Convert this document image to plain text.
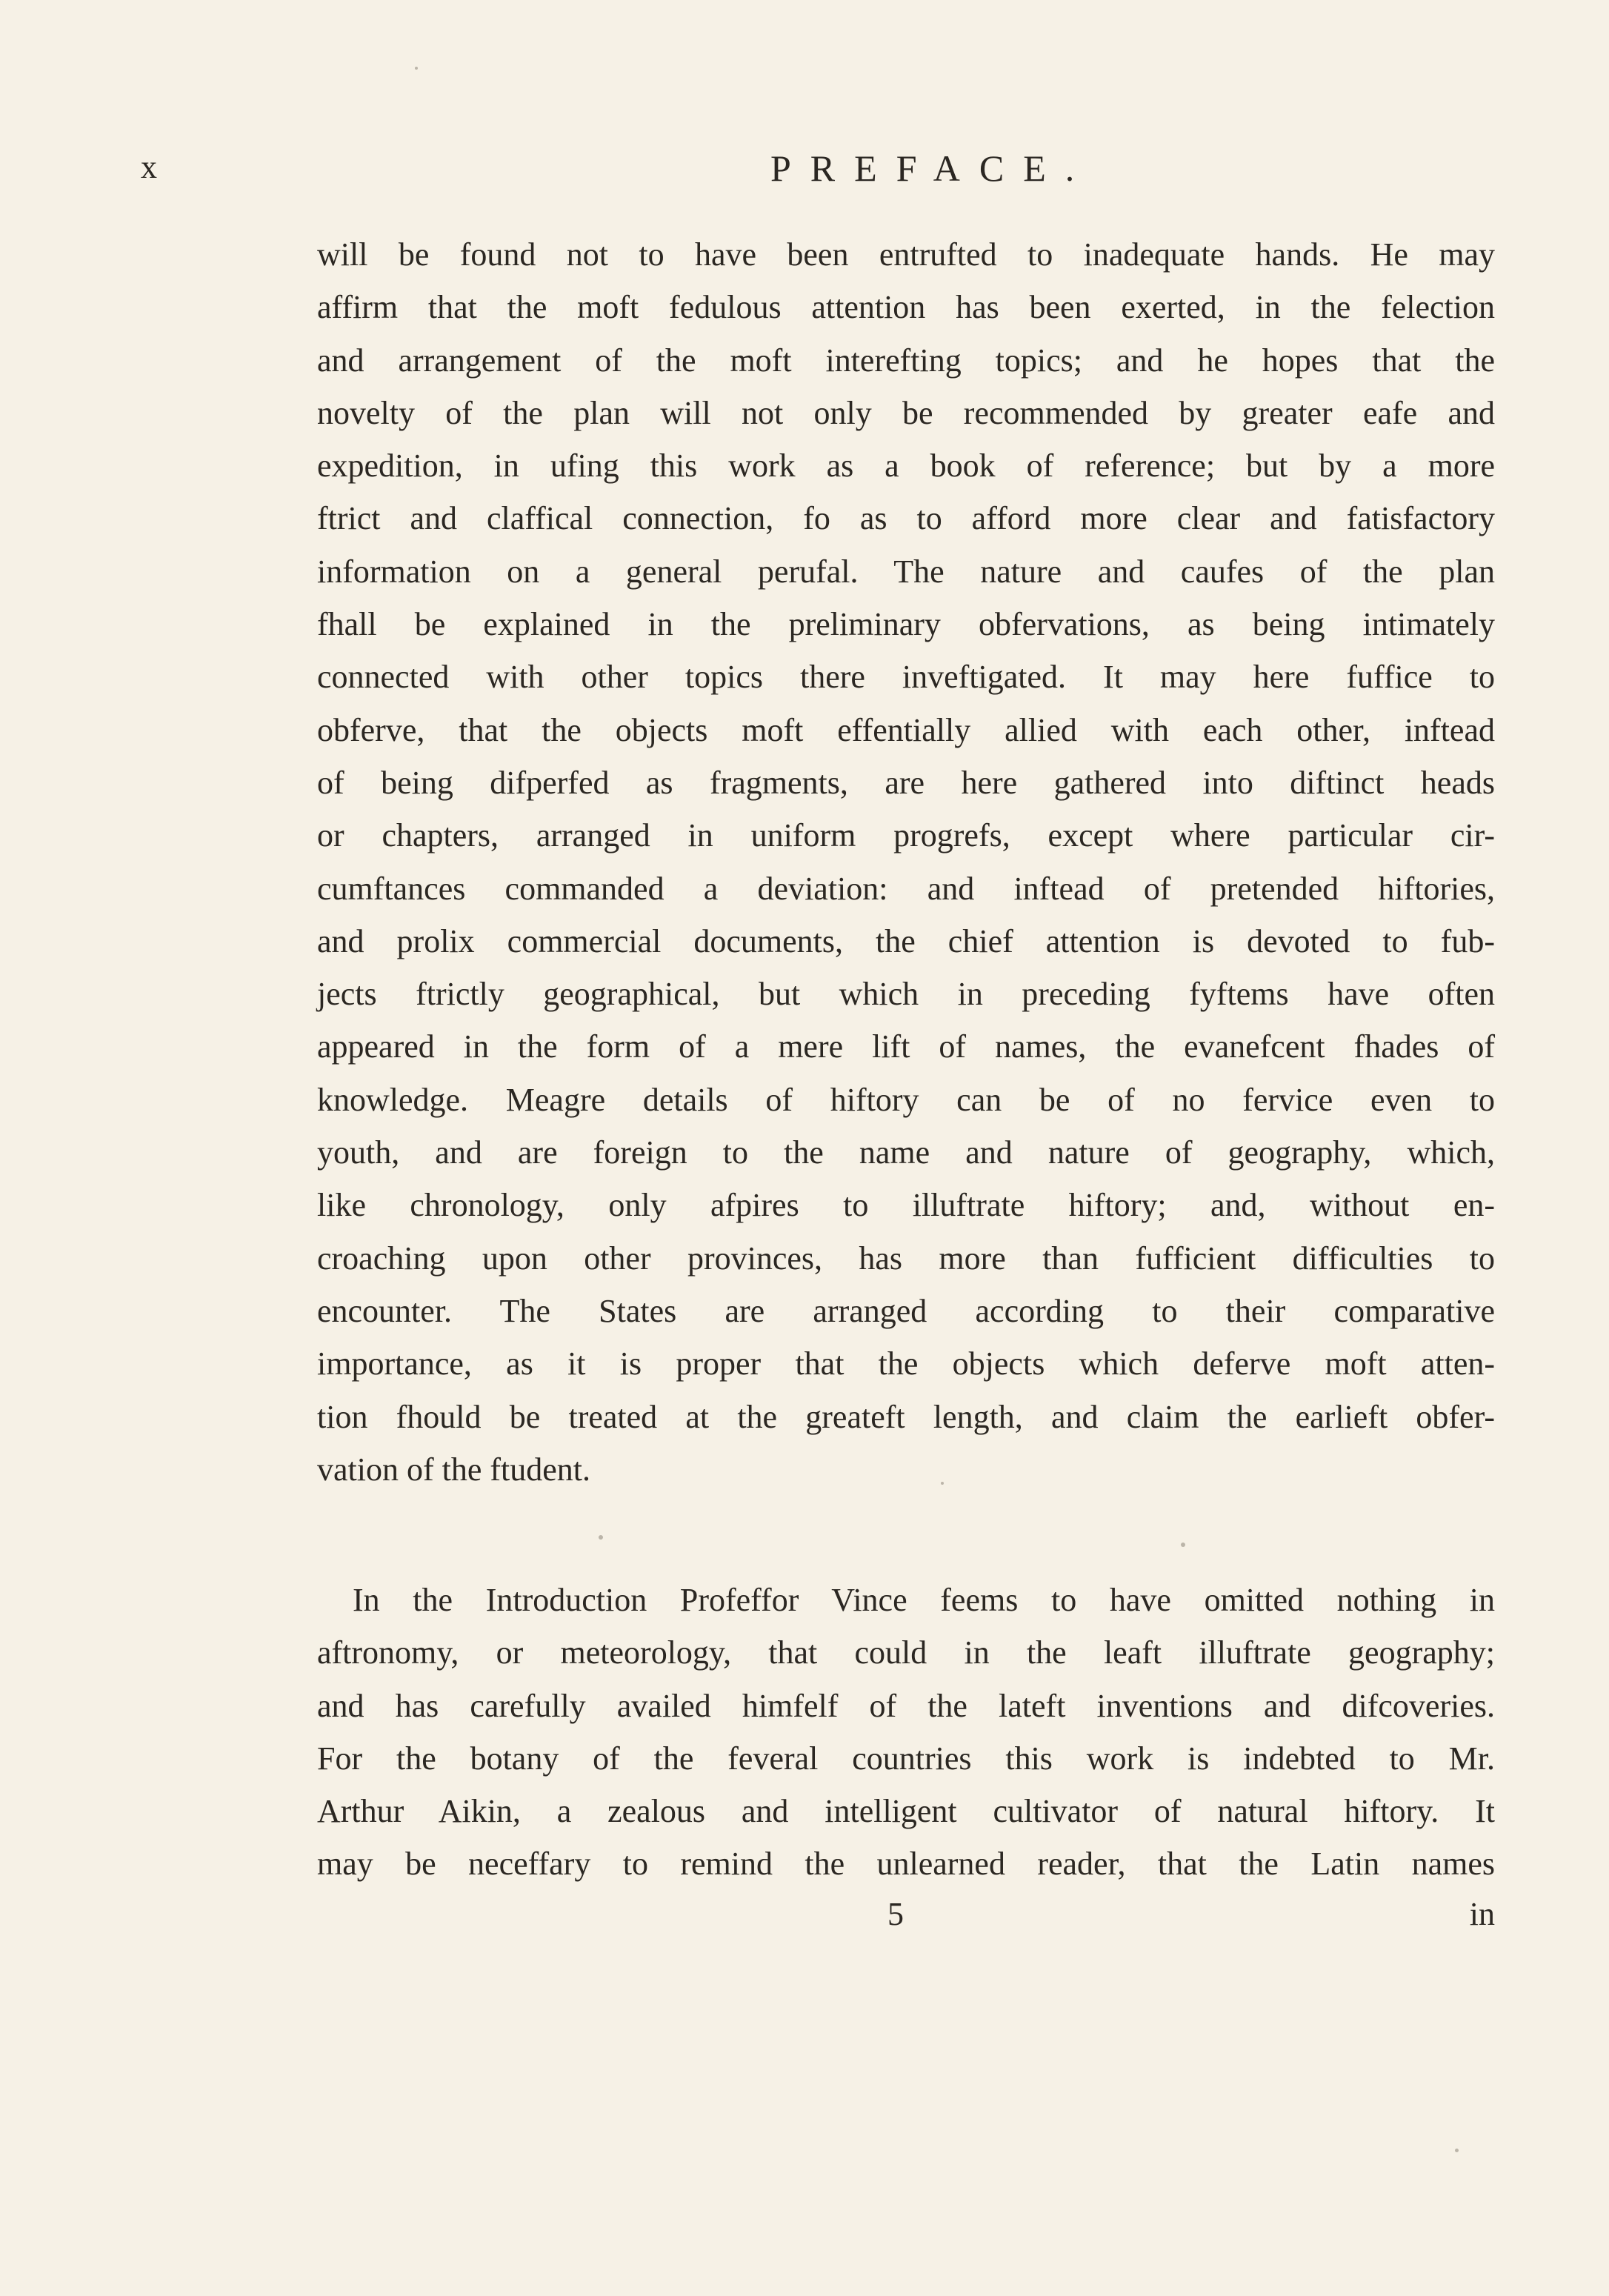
x	PREFACE.
will be found not to have been entrufted to inadequate hands. He may
affirm that the moft fedulous attention has been exerted, in the felection
and arrangement of the moft interefting topics; and he hopes that the
novelty of the plan will not only be recommended by greater eafe and
expedition, in ufing this work as a book of reference; but by a more
ftrict and claffical connection, fo as to afford more clear and fatisfactory
information on a general perufal. The nature and caufes of the plan
fhall be explained in the preliminary obfervations, as being intimately
connected with other topics there inveftigated. It may here fuffice to
obferve, that the objects moft effentially allied with each other, inftead
of being difperfed as fragments, are here gathered into diftinct heads
or chapters, arranged in uniform progrefs, except where particular cir-
cumftances commanded a deviation: and inftead of pretended hiftories,
and prolix commercial documents, the chief attention is devoted to fub-
jects ftrictly geographical, but which in preceding fyftems have often
appeared in the form of a mere lift of names, the evanefcent fhades of
knowledge. Meagre details of hiftory can be of no fervice even to
youth, and are foreign to the name and nature of geography, which,
like chronology, only afpires to illuftrate hiftory; and, without en-
croaching upon other provinces, has more than fufficient difficulties to
encounter. The States are arranged according to their comparative
importance, as it is proper that the objects which deferve moft atten-
tion fhould be treated at the greateft length, and claim the earlieft obfer-
vation of the ftudent.
In the Introduction Profeffor Vince feems to have omitted nothing in
aftronomy, or meteorology, that could in the leaft illuftrate geography;
and has carefully availed himfelf of the lateft inventions and difcoveries.
For the botany of the feveral countries this work is indebted to Mr.
Arthur Aikin, a zealous and intelligent cultivator of natural hiftory. It
may be neceffary to remind the unlearned reader, that the Latin names
5	in
